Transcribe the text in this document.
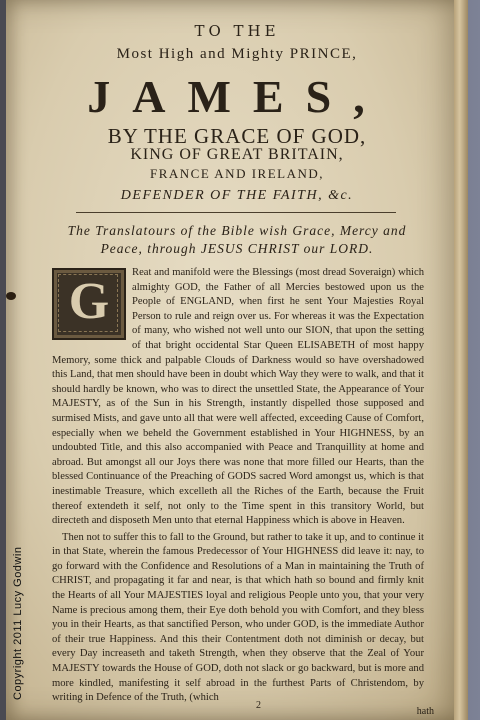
TO THE
Most High and Mighty PRINCE,
JAMES,
BY THE GRACE OF GOD,
KING OF GREAT BRITAIN,
FRANCE AND IRELAND,
DEFENDER OF THE FAITH, &c.
The Translatours of the Bible wish Grace, Mercy and
Peace, through JESUS CHRIST our LORD.
G

Reat and manifold were the Blessings (most dread Soveraign) which almighty GOD, the Father of all Mercies bestowed upon us the People of ENGLAND, when first he sent Your Majesties Royal Person to rule and reign over us. For whereas it was the Expectation of many, who wished not well unto our SION, that upon the setting of that bright occidental Star Queen ELISABETH of most happy Memory, some thick and palpable Clouds of Darkness would so have overshadowed this Land, that men should have been in doubt which Way they were to walk, and that it should hardly be known, who was to direct the unsettled State, the Appearance of Your MAJESTY, as of the Sun in his Strength, instantly dispelled those supposed and surmised Mists, and gave unto all that were well affected, exceeding Cause of Comfort, especially when we beheld the Government established in Your HIGHNESS, by an undoubted Title, and this also accompanied with Peace and Tranquillity at home and abroad. But amongst all our Joys there was none that more filled our Hearts, than the blessed Continuance of the Preaching of GODS sacred Word amongst us, which is that inestimable Treasure, which excelleth all the Riches of the Earth, because the Fruit thereof extendeth it self, not only to the Time spent in this transitory World, but directeth and disposeth Men unto that eternal Happiness which is above in Heaven.

Then not to suffer this to fall to the Ground, but rather to take it up, and to continue it in that State, wherein the famous Predecessor of Your HIGHNESS did leave it: nay, to go forward with the Confidence and Resolutions of a Man in maintaining the Truth of CHRIST, and propagating it far and near, is that which hath so bound and firmly knit the Hearts of all Your MAJESTIES loyal and religious People unto you, that your very Name is precious among them, their Eye doth behold you with Comfort, and they bless you in their Hearts, as that sanctified Person, who under GOD, is the immediate Author of their true Happiness. And this their Contentment doth not diminish or decay, but every Day increaseth and taketh Strength, when they observe that the Zeal of Your MAJESTY towards the House of GOD, doth not slack or go backward, but is more and more kindled, manifesting it self abroad in the furthest Parts of Christendom, by writing in Defence of the Truth, (which

2
hath
Copyright 2011 Lucy Godwin
